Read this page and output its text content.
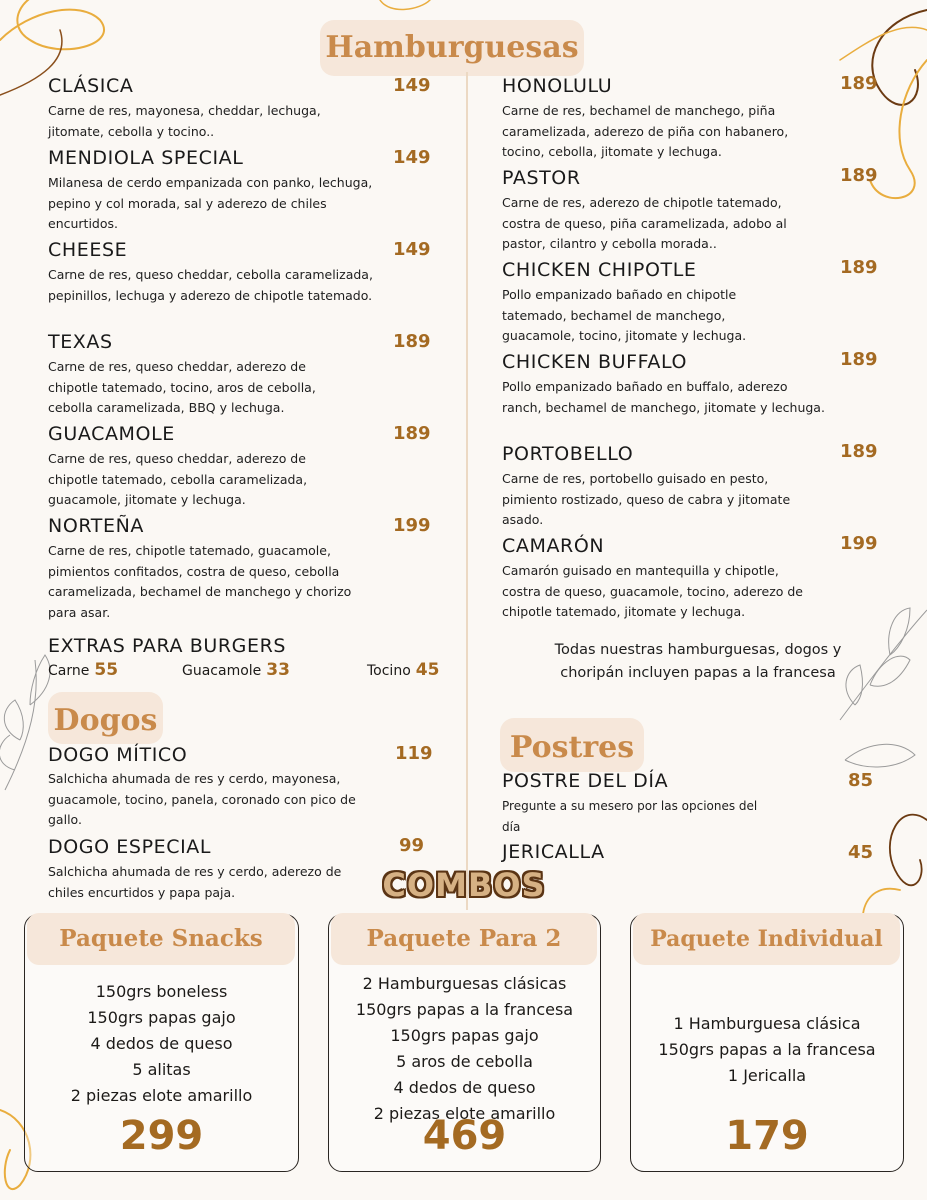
Hamburguesas
CLÁSICA	149
Carne de res, mayonesa, cheddar, lechuga, jitomate, cebolla y tocino..
MENDIOLA SPECIAL	149
Milanesa de cerdo empanizada con panko, lechuga, pepino y col morada, sal y aderezo de chiles encurtidos.
CHEESE	149
Carne de res, queso cheddar, cebolla caramelizada, pepinillos, lechuga y aderezo de chipotle tatemado.
TEXAS	189
Carne de res, queso cheddar, aderezo de chipotle tatemado, tocino, aros de cebolla, cebolla caramelizada, BBQ y lechuga.
GUACAMOLE	189
Carne de res, queso cheddar, aderezo de chipotle tatemado, cebolla caramelizada, guacamole, jitomate y lechuga.
NORTEÑA	199
Carne de res, chipotle tatemado, guacamole, pimientos confitados, costra de queso, cebolla caramelizada, bechamel de manchego y chorizo para asar.
EXTRAS PARA BURGERS
Carne 55	Guacamole 33	Tocino 45
HONOLULU	189
Carne de res, bechamel de manchego, piña caramelizada, aderezo de piña con habanero, tocino, cebolla, jitomate y lechuga.
PASTOR	189
Carne de res, aderezo de chipotle tatemado, costra de queso, piña caramelizada, adobo al pastor, cilantro y cebolla morada..
CHICKEN CHIPOTLE	189
Pollo empanizado bañado en chipotle tatemado, bechamel de manchego, guacamole, tocino, jitomate y lechuga.
CHICKEN BUFFALO	189
Pollo empanizado bañado en buffalo, aderezo ranch, bechamel de manchego, jitomate y lechuga.
PORTOBELLO	189
Carne de res, portobello guisado en pesto, pimiento rostizado, queso de cabra y jitomate asado.
CAMARÓN	199
Camarón guisado en mantequilla y chipotle, costra de queso, guacamole, tocino, aderezo de chipotle tatemado, jitomate y lechuga.
Todas nuestras hamburguesas, dogos y choripán incluyen papas a la francesa
Dogos
DOGO MÍTICO	119
Salchicha ahumada de res y cerdo, mayonesa, guacamole, tocino, panela, coronado con pico de gallo.
DOGO ESPECIAL	99
Salchicha ahumada de res y cerdo, aderezo de chiles encurtidos y papa paja.
Postres
POSTRE DEL DÍA	85
Pregunte a su mesero por las opciones del día
JERICALLA	45
COMBOS
Paquete Snacks
150grs boneless
150grs papas gajo
4 dedos de queso
5 alitas
2 piezas elote amarillo
299
Paquete Para 2
2 Hamburguesas clásicas
150grs papas a la francesa
150grs papas gajo
5 aros de cebolla
4 dedos de queso
2 piezas elote amarillo
469
Paquete Individual
1 Hamburguesa clásica
150grs papas a la francesa
1 Jericalla
179
